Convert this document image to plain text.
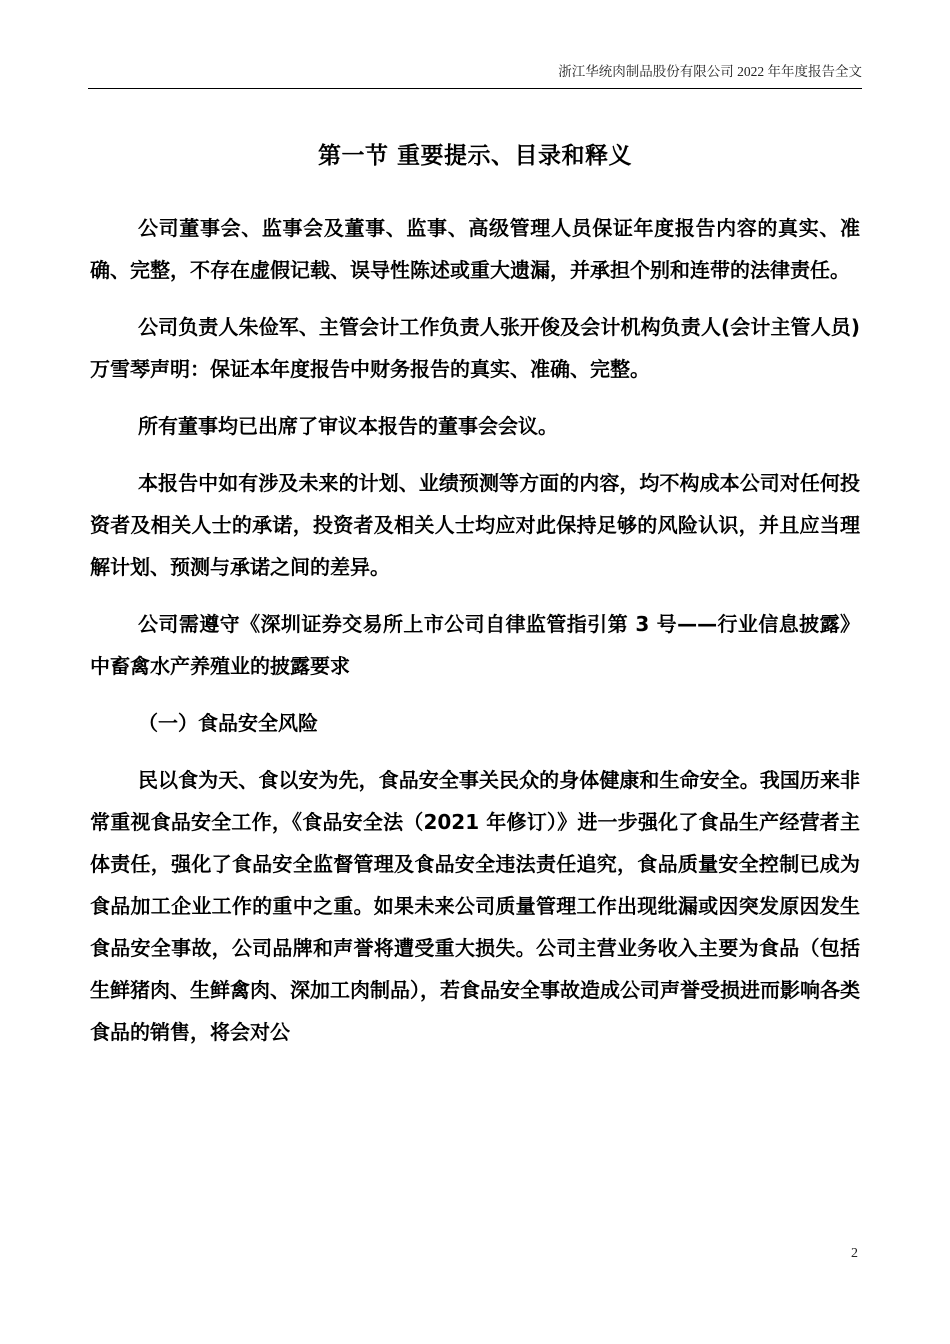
浙江华统肉制品股份有限公司 2022 年年度报告全文
第一节 重要提示、目录和释义

公司董事会、监事会及董事、监事、高级管理人员保证年度报告内容的真实、准确、完整，不存在虚假记载、误导性陈述或重大遗漏，并承担个别和连带的法律责任。

公司负责人朱俭军、主管会计工作负责人张开俊及会计机构负责人(会计主管人员)万雪琴声明：保证本年度报告中财务报告的真实、准确、完整。

所有董事均已出席了审议本报告的董事会会议。

本报告中如有涉及未来的计划、业绩预测等方面的内容，均不构成本公司对任何投资者及相关人士的承诺，投资者及相关人士均应对此保持足够的风险认识，并且应当理解计划、预测与承诺之间的差异。

公司需遵守《深圳证券交易所上市公司自律监管指引第 3 号——行业信息披露》中畜禽水产养殖业的披露要求

（一）食品安全风险

民以食为天、食以安为先，食品安全事关民众的身体健康和生命安全。我国历来非常重视食品安全工作，《食品安全法（2021 年修订）》进一步强化了食品生产经营者主体责任，强化了食品安全监督管理及食品安全违法责任追究，食品质量安全控制已成为食品加工企业工作的重中之重。如果未来公司质量管理工作出现纰漏或因突发原因发生食品安全事故，公司品牌和声誉将遭受重大损失。公司主营业务收入主要为食品（包括生鲜猪肉、生鲜禽肉、深加工肉制品），若食品安全事故造成公司声誉受损进而影响各类食品的销售，将会对公

2
